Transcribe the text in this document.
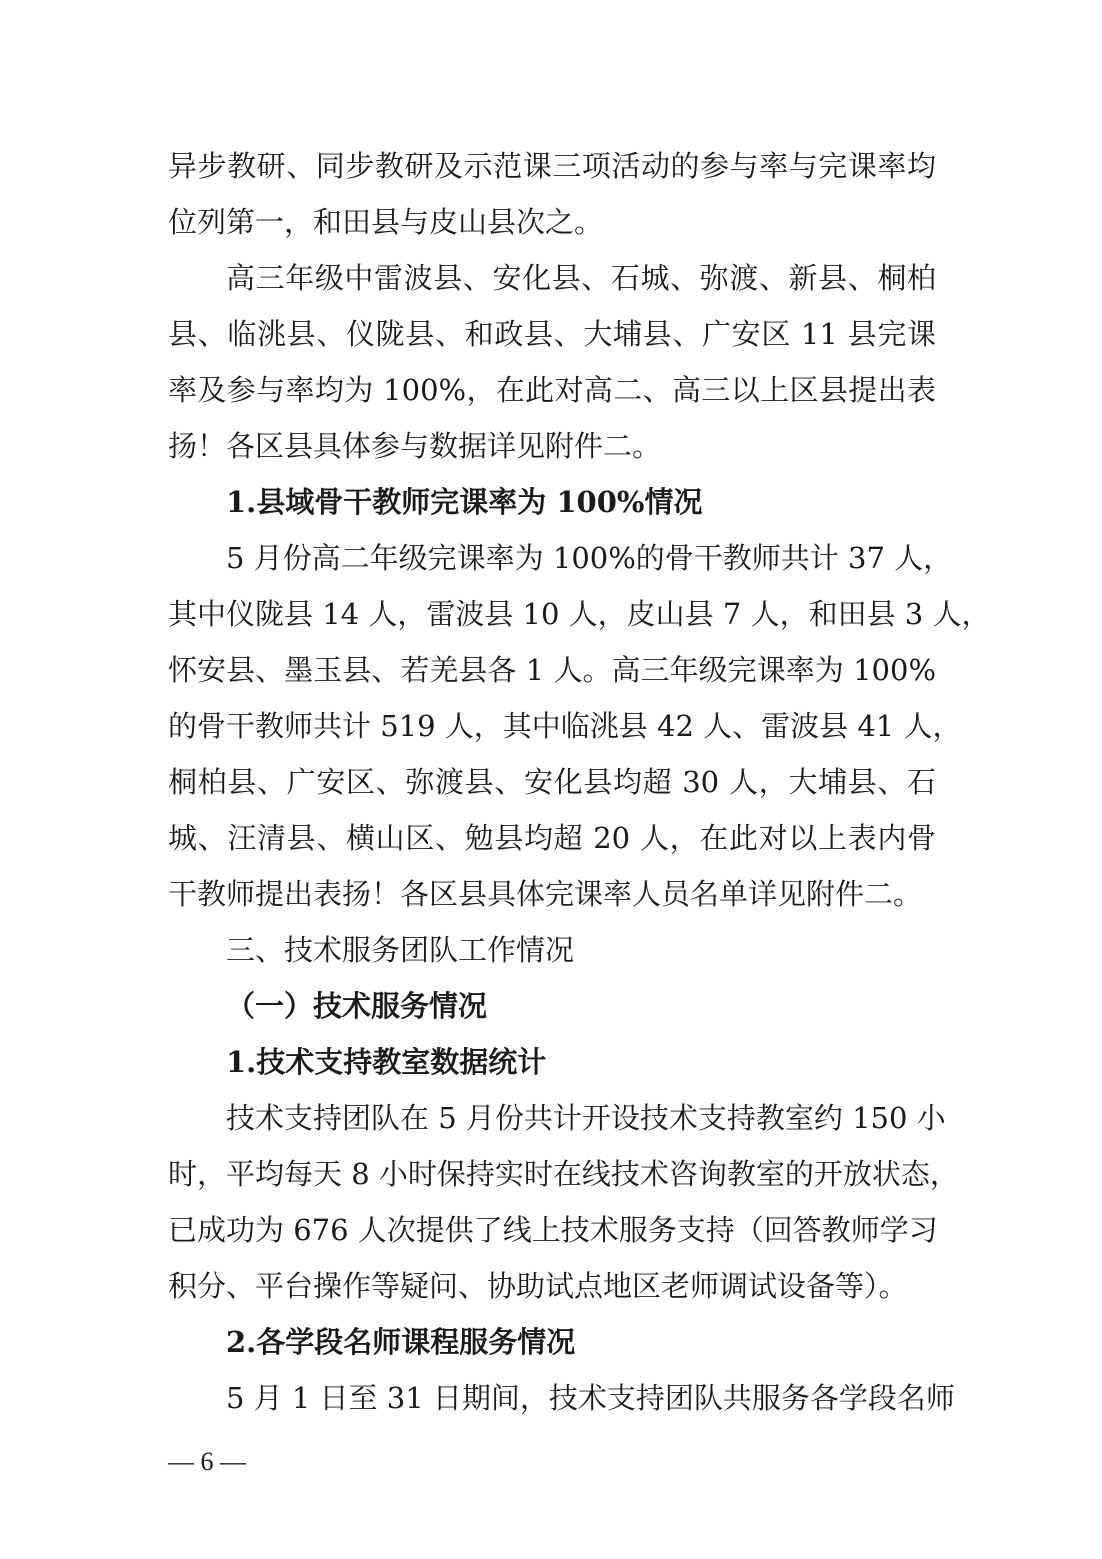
异步教研、同步教研及示范课三项活动的参与率与完课率均
位列第一，和田县与皮山县次之。
高三年级中雷波县、安化县、石城、弥渡、新县、桐柏
县、临洮县、仪陇县、和政县、大埔县、广安区 11 县完课
率及参与率均为 100%，在此对高二、高三以上区县提出表
扬！各区县具体参与数据详见附件二。
1.县域骨干教师完课率为 100%情况
5 月份高二年级完课率为 100%的骨干教师共计 37 人，
其中仪陇县 14 人，雷波县 10 人，皮山县 7 人，和田县 3 人，
怀安县、墨玉县、若羌县各 1 人。高三年级完课率为 100%
的骨干教师共计 519 人，其中临洮县 42 人、雷波县 41 人，
桐柏县、广安区、弥渡县、安化县均超 30 人，大埔县、石
城、汪清县、横山区、勉县均超 20 人，在此对以上表内骨
干教师提出表扬！各区县具体完课率人员名单详见附件二。
三、技术服务团队工作情况
（一）技术服务情况
1.技术支持教室数据统计
技术支持团队在 5 月份共计开设技术支持教室约 150 小
时，平均每天 8 小时保持实时在线技术咨询教室的开放状态，
已成功为 676 人次提供了线上技术服务支持（回答教师学习
积分、平台操作等疑问、协助试点地区老师调试设备等）。
2.各学段名师课程服务情况
5 月 1 日至 31 日期间，技术支持团队共服务各学段名师
— 6 —
